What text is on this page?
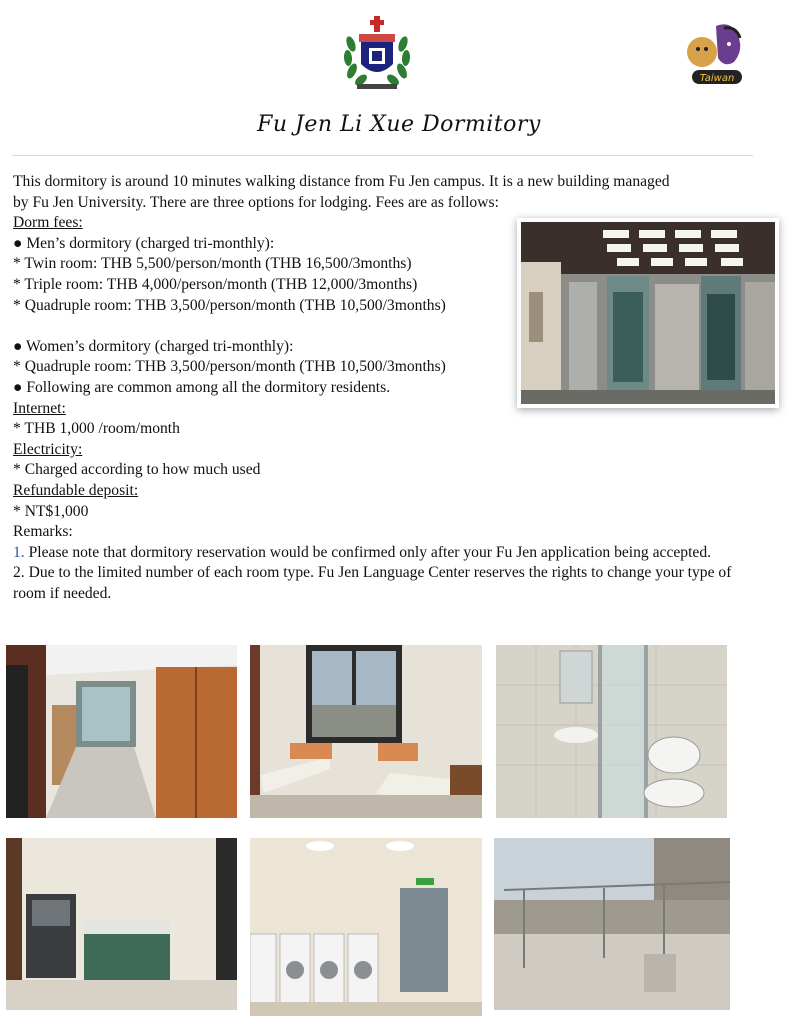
Taiwan
Fu Jen Li Xue Dormitory

This dormitory is around 10 minutes walking distance from Fu Jen campus. It is a new building managed

by Fu Jen University. There are three options for lodging. Fees are as follows:

Dorm fees:

● Men’s dormitory (charged tri-monthly):

* Twin room: THB 5,500/person/month (THB 16,500/3months)

* Triple room: THB 4,000/person/month (THB 12,000/3months)

* Quadruple room: THB 3,500/person/month (THB 10,500/3months)

● Women’s dormitory (charged tri-monthly):

* Quadruple room: THB 3,500/person/month (THB 10,500/3months)

● Following are common among all the dormitory residents.

Internet:

* THB 1,000 /room/month

Electricity:

* Charged according to how much used

Refundable deposit:

* NT$1,000

Remarks:

1. Please note that dormitory reservation would be confirmed only after your Fu Jen application being accepted.

2. Due to the limited number of each room type. Fu Jen Language Center reserves the rights to change your type of room if needed.
